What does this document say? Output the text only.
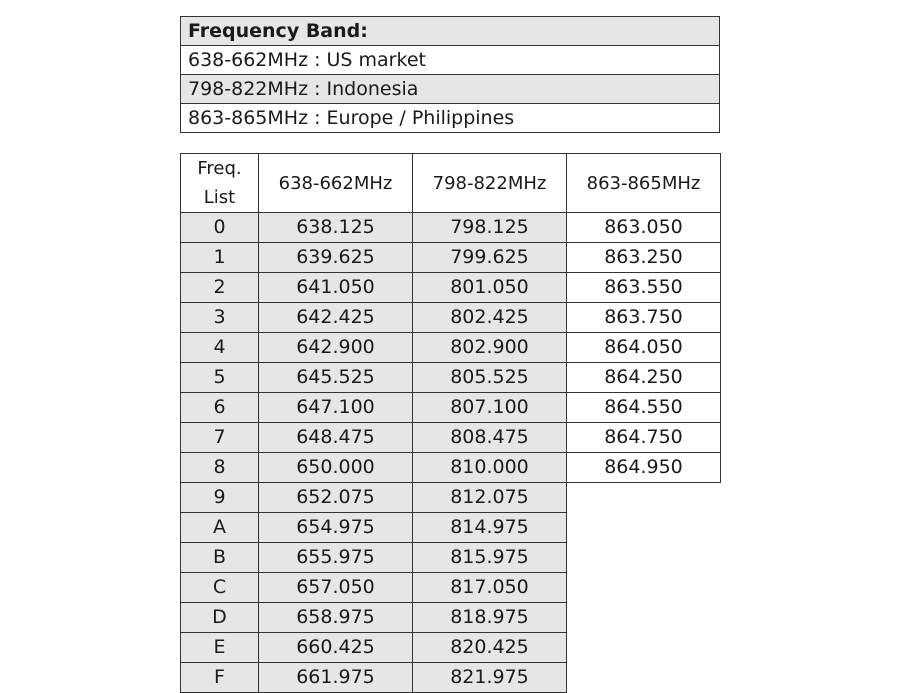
Frequency Band:
638-662MHz : US market
798-822MHz : Indonesia
863-865MHz : Europe / Philippines
Freq. List	638-662MHz	798-822MHz	863-865MHz
0	638.125	798.125	863.050
1	639.625	799.625	863.250
2	641.050	801.050	863.550
3	642.425	802.425	863.750
4	642.900	802.900	864.050
5	645.525	805.525	864.250
6	647.100	807.100	864.550
7	648.475	808.475	864.750
8	650.000	810.000	864.950
9	652.075	812.075	
A	654.975	814.975	
B	655.975	815.975	
C	657.050	817.050	
D	658.975	818.975	
E	660.425	820.425	
F	661.975	821.975	
